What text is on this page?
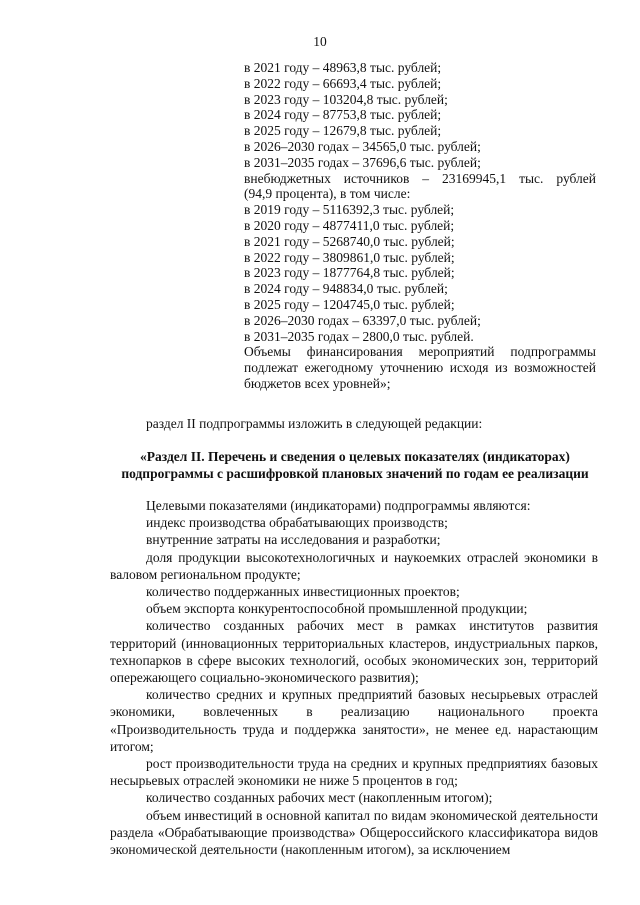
10
в 2021 году – 48963,8 тыс. рублей;
в 2022 году – 66693,4 тыс. рублей;
в 2023 году – 103204,8 тыс. рублей;
в 2024 году – 87753,8 тыс. рублей;
в 2025 году – 12679,8 тыс. рублей;
в 2026–2030 годах – 34565,0 тыс. рублей;
в 2031–2035 годах – 37696,6 тыс. рублей;
внебюджетных источников – 23169945,1 тыс. рублей
(94,9 процента), в том числе:
в 2019 году – 5116392,3 тыс. рублей;
в 2020 году – 4877411,0 тыс. рублей;
в 2021 году – 5268740,0 тыс. рублей;
в 2022 году – 3809861,0 тыс. рублей;
в 2023 году – 1877764,8 тыс. рублей;
в 2024 году – 948834,0 тыс. рублей;
в 2025 году – 1204745,0 тыс. рублей;
в 2026–2030 годах – 63397,0 тыс. рублей;
в 2031–2035 годах – 2800,0 тыс. рублей.
Объемы финансирования мероприятий подпрограммы подлежат ежегодному уточнению исходя из возможностей бюджетов всех уровней»;
раздел II подпрограммы изложить в следующей редакции:
«Раздел II. Перечень и сведения о целевых показателях (индикаторах) подпрограммы с расшифровкой плановых значений по годам ее реализации

Целевыми показателями (индикаторами) подпрограммы являются:

индекс производства обрабатывающих производств;

внутренние затраты на исследования и разработки;

доля продукции высокотехнологичных и наукоемких отраслей экономики в валовом региональном продукте;

количество поддержанных инвестиционных проектов;

объем экспорта конкурентоспособной промышленной продукции;

количество созданных рабочих мест в рамках институтов развития территорий (инновационных территориальных кластеров, индустриальных парков, технопарков в сфере высоких технологий, особых экономических зон, территорий опережающего социально-экономического развития);

количество средних и крупных предприятий базовых несырьевых отраслей экономики, вовлеченных в реализацию национального проекта «Производительность труда и поддержка занятости», не менее ед. нарастающим итогом;

рост производительности труда на средних и крупных предприятиях базовых несырьевых отраслей экономики не ниже 5 процентов в год;

количество созданных рабочих мест (накопленным итогом);

объем инвестиций в основной капитал по видам экономической деятельности раздела «Обрабатывающие производства» Общероссийского классификатора видов экономической деятельности (накопленным итогом), за исключением
